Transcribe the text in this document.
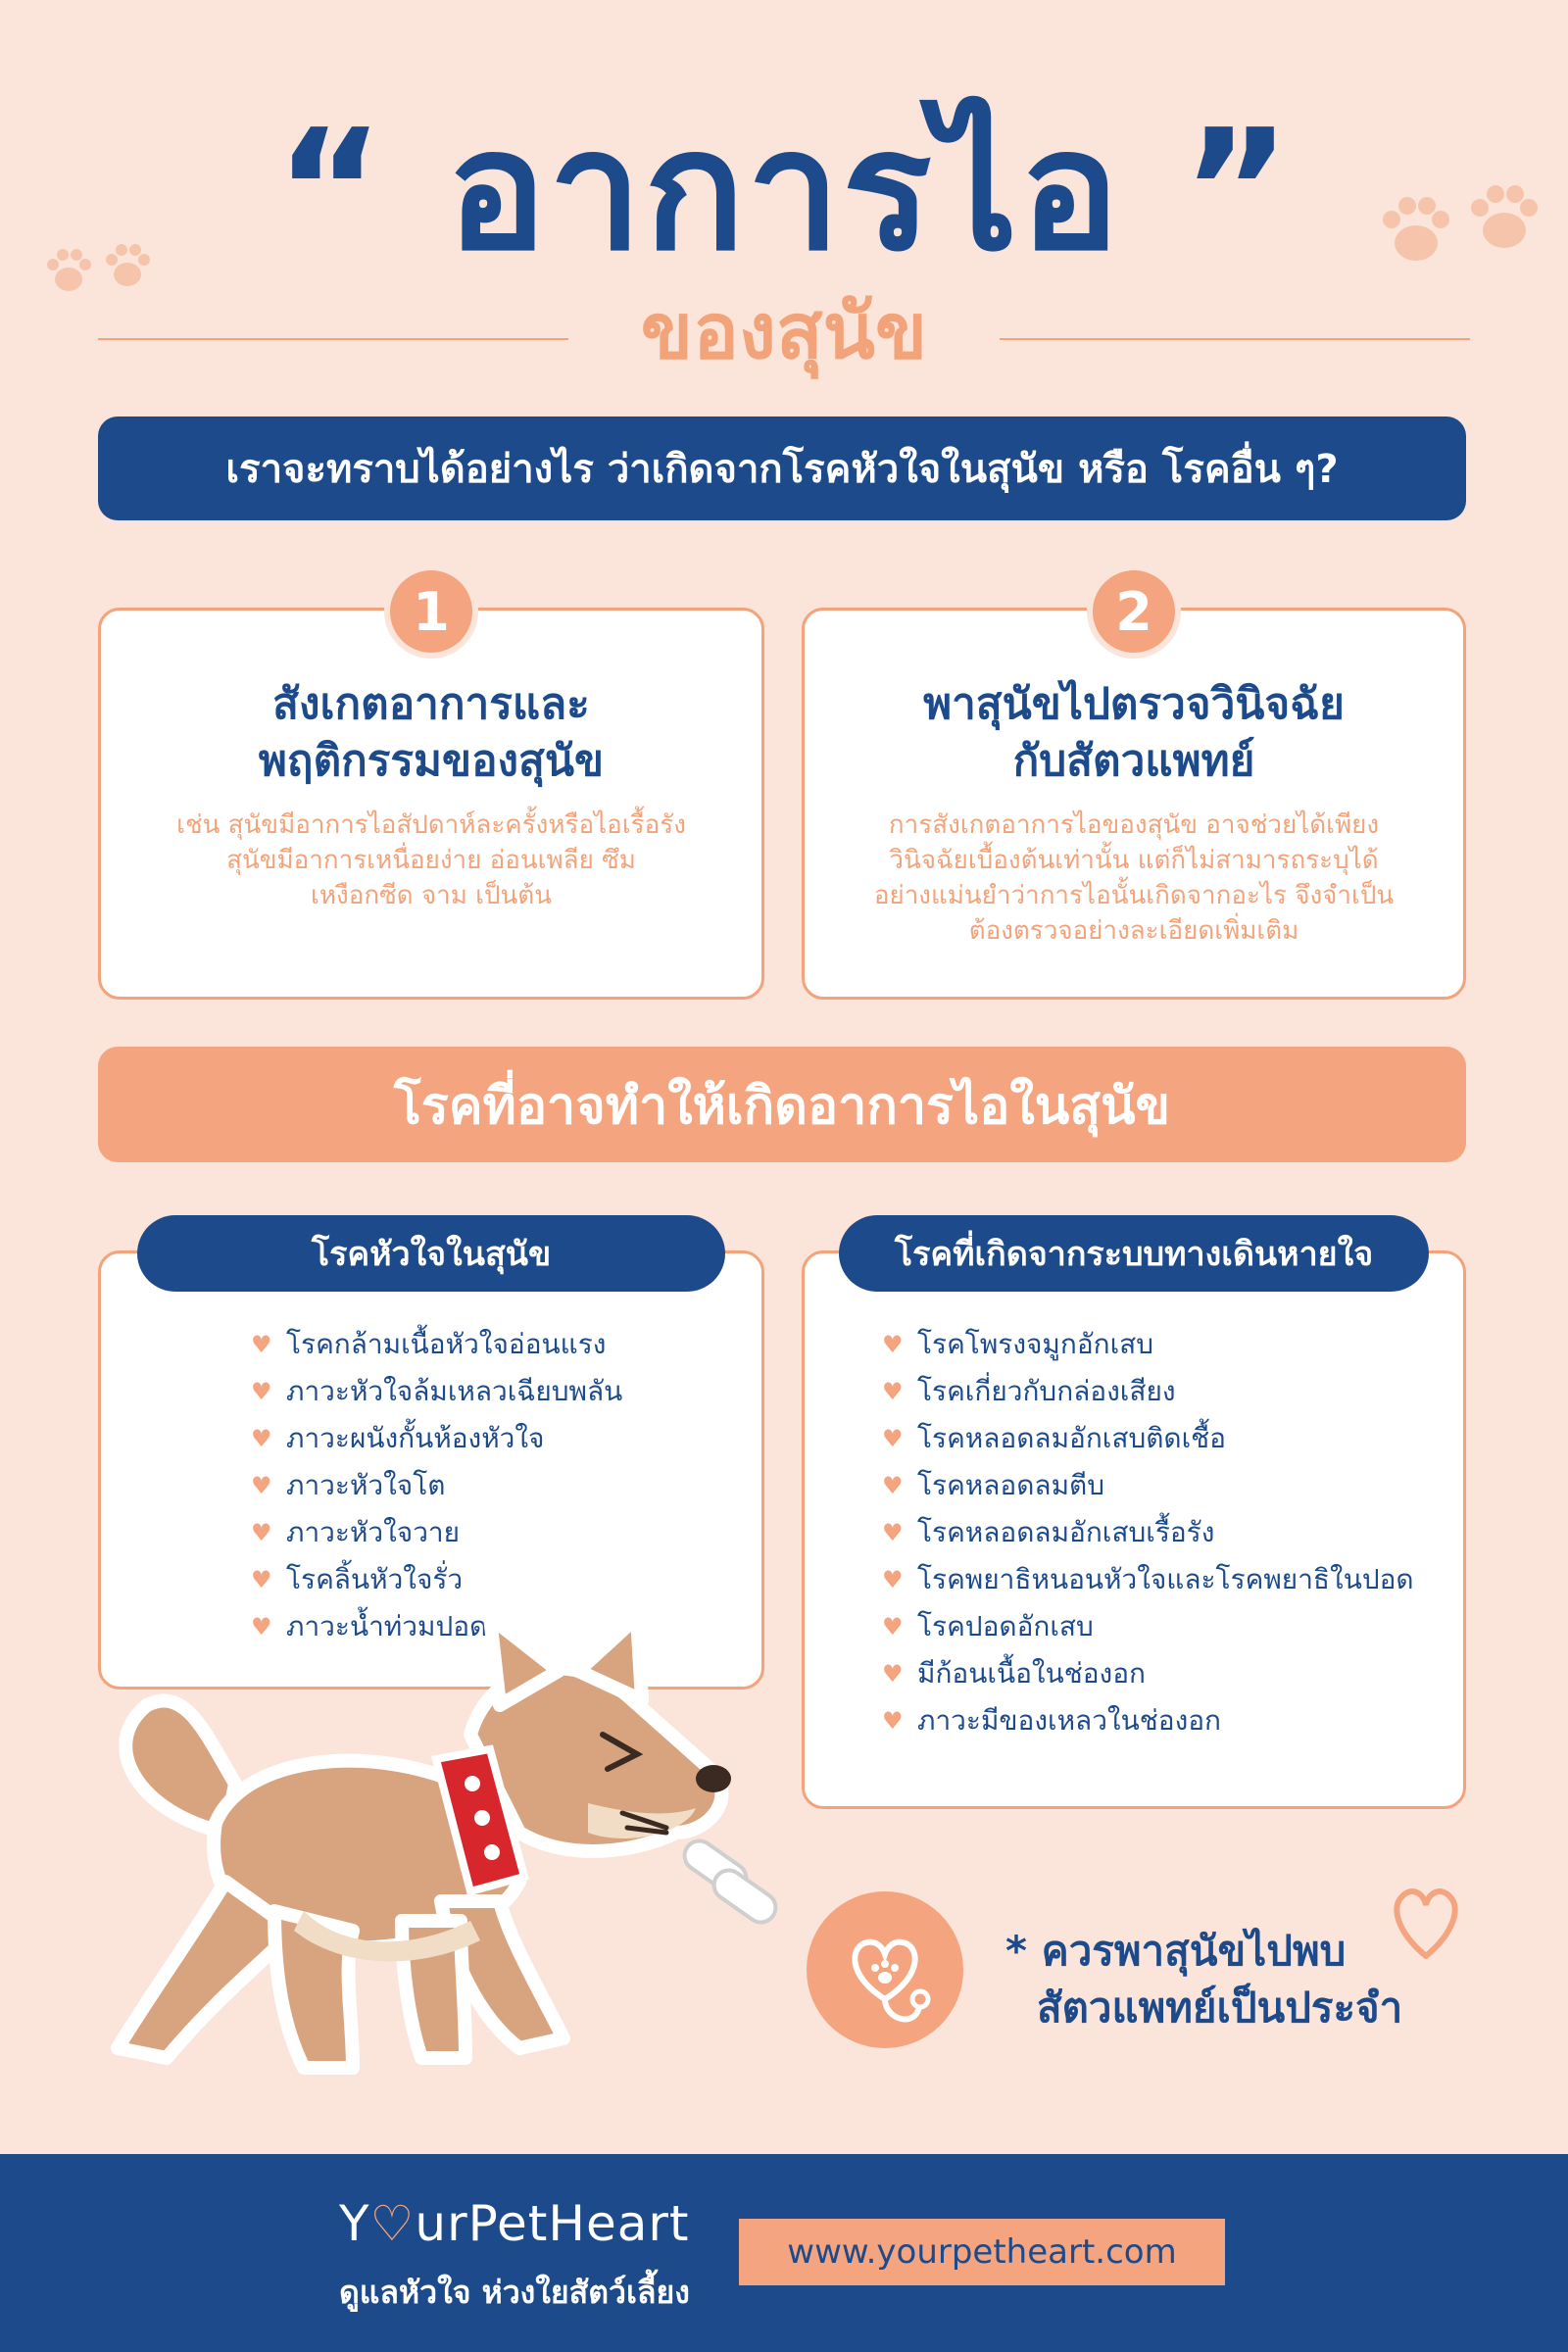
“ อาการไอ ”
ของสุนัข
เราจะทราบได้อย่างไร ว่าเกิดจากโรคหัวใจในสุนัข หรือ โรคอื่น ๆ?
1
สังเกตอาการและ
พฤติกรรมของสุนัข
เช่น สุนัขมีอาการไอสัปดาห์ละครั้งหรือไอเรื้อรัง
สุนัขมีอาการเหนื่อยง่าย อ่อนเพลีย ซึม
เหงือกซีด จาม เป็นต้น
2
พาสุนัขไปตรวจวินิจฉัย
กับสัตวแพทย์
การสังเกตอาการไอของสุนัข อาจช่วยได้เพียง
วินิจฉัยเบื้องต้นเท่านั้น แต่ก็ไม่สามารถระบุได้
อย่างแม่นยำว่าการไอนั้นเกิดจากอะไร จึงจำเป็น
ต้องตรวจอย่างละเอียดเพิ่มเติม
โรคที่อาจทำให้เกิดอาการไอในสุนัข
โรคหัวใจในสุนัข
♥ โรคกล้ามเนื้อหัวใจอ่อนแรง
♥ ภาวะหัวใจล้มเหลวเฉียบพลัน
♥ ภาวะผนังกั้นห้องหัวใจ
♥ ภาวะหัวใจโต
♥ ภาวะหัวใจวาย
♥ โรคลิ้นหัวใจรั่ว
♥ ภาวะน้ำท่วมปอด
โรคที่เกิดจากระบบทางเดินหายใจ
♥ โรคโพรงจมูกอักเสบ
♥ โรคเกี่ยวกับกล่องเสียง
♥ โรคหลอดลมอักเสบติดเชื้อ
♥ โรคหลอดลมตีบ
♥ โรคหลอดลมอักเสบเรื้อรัง
♥ โรคพยาธิหนอนหัวใจและโรคพยาธิในปอด
♥ โรคปอดอักเสบ
♥ มีก้อนเนื้อในช่องอก
♥ ภาวะมีของเหลวในช่องอก
* ควรพาสุนัขไปพบ
สัตวแพทย์เป็นประจำ
Y♡urPetHeart
ดูแลหัวใจ ห่วงใยสัตว์เลี้ยง
www.yourpetheart.com
